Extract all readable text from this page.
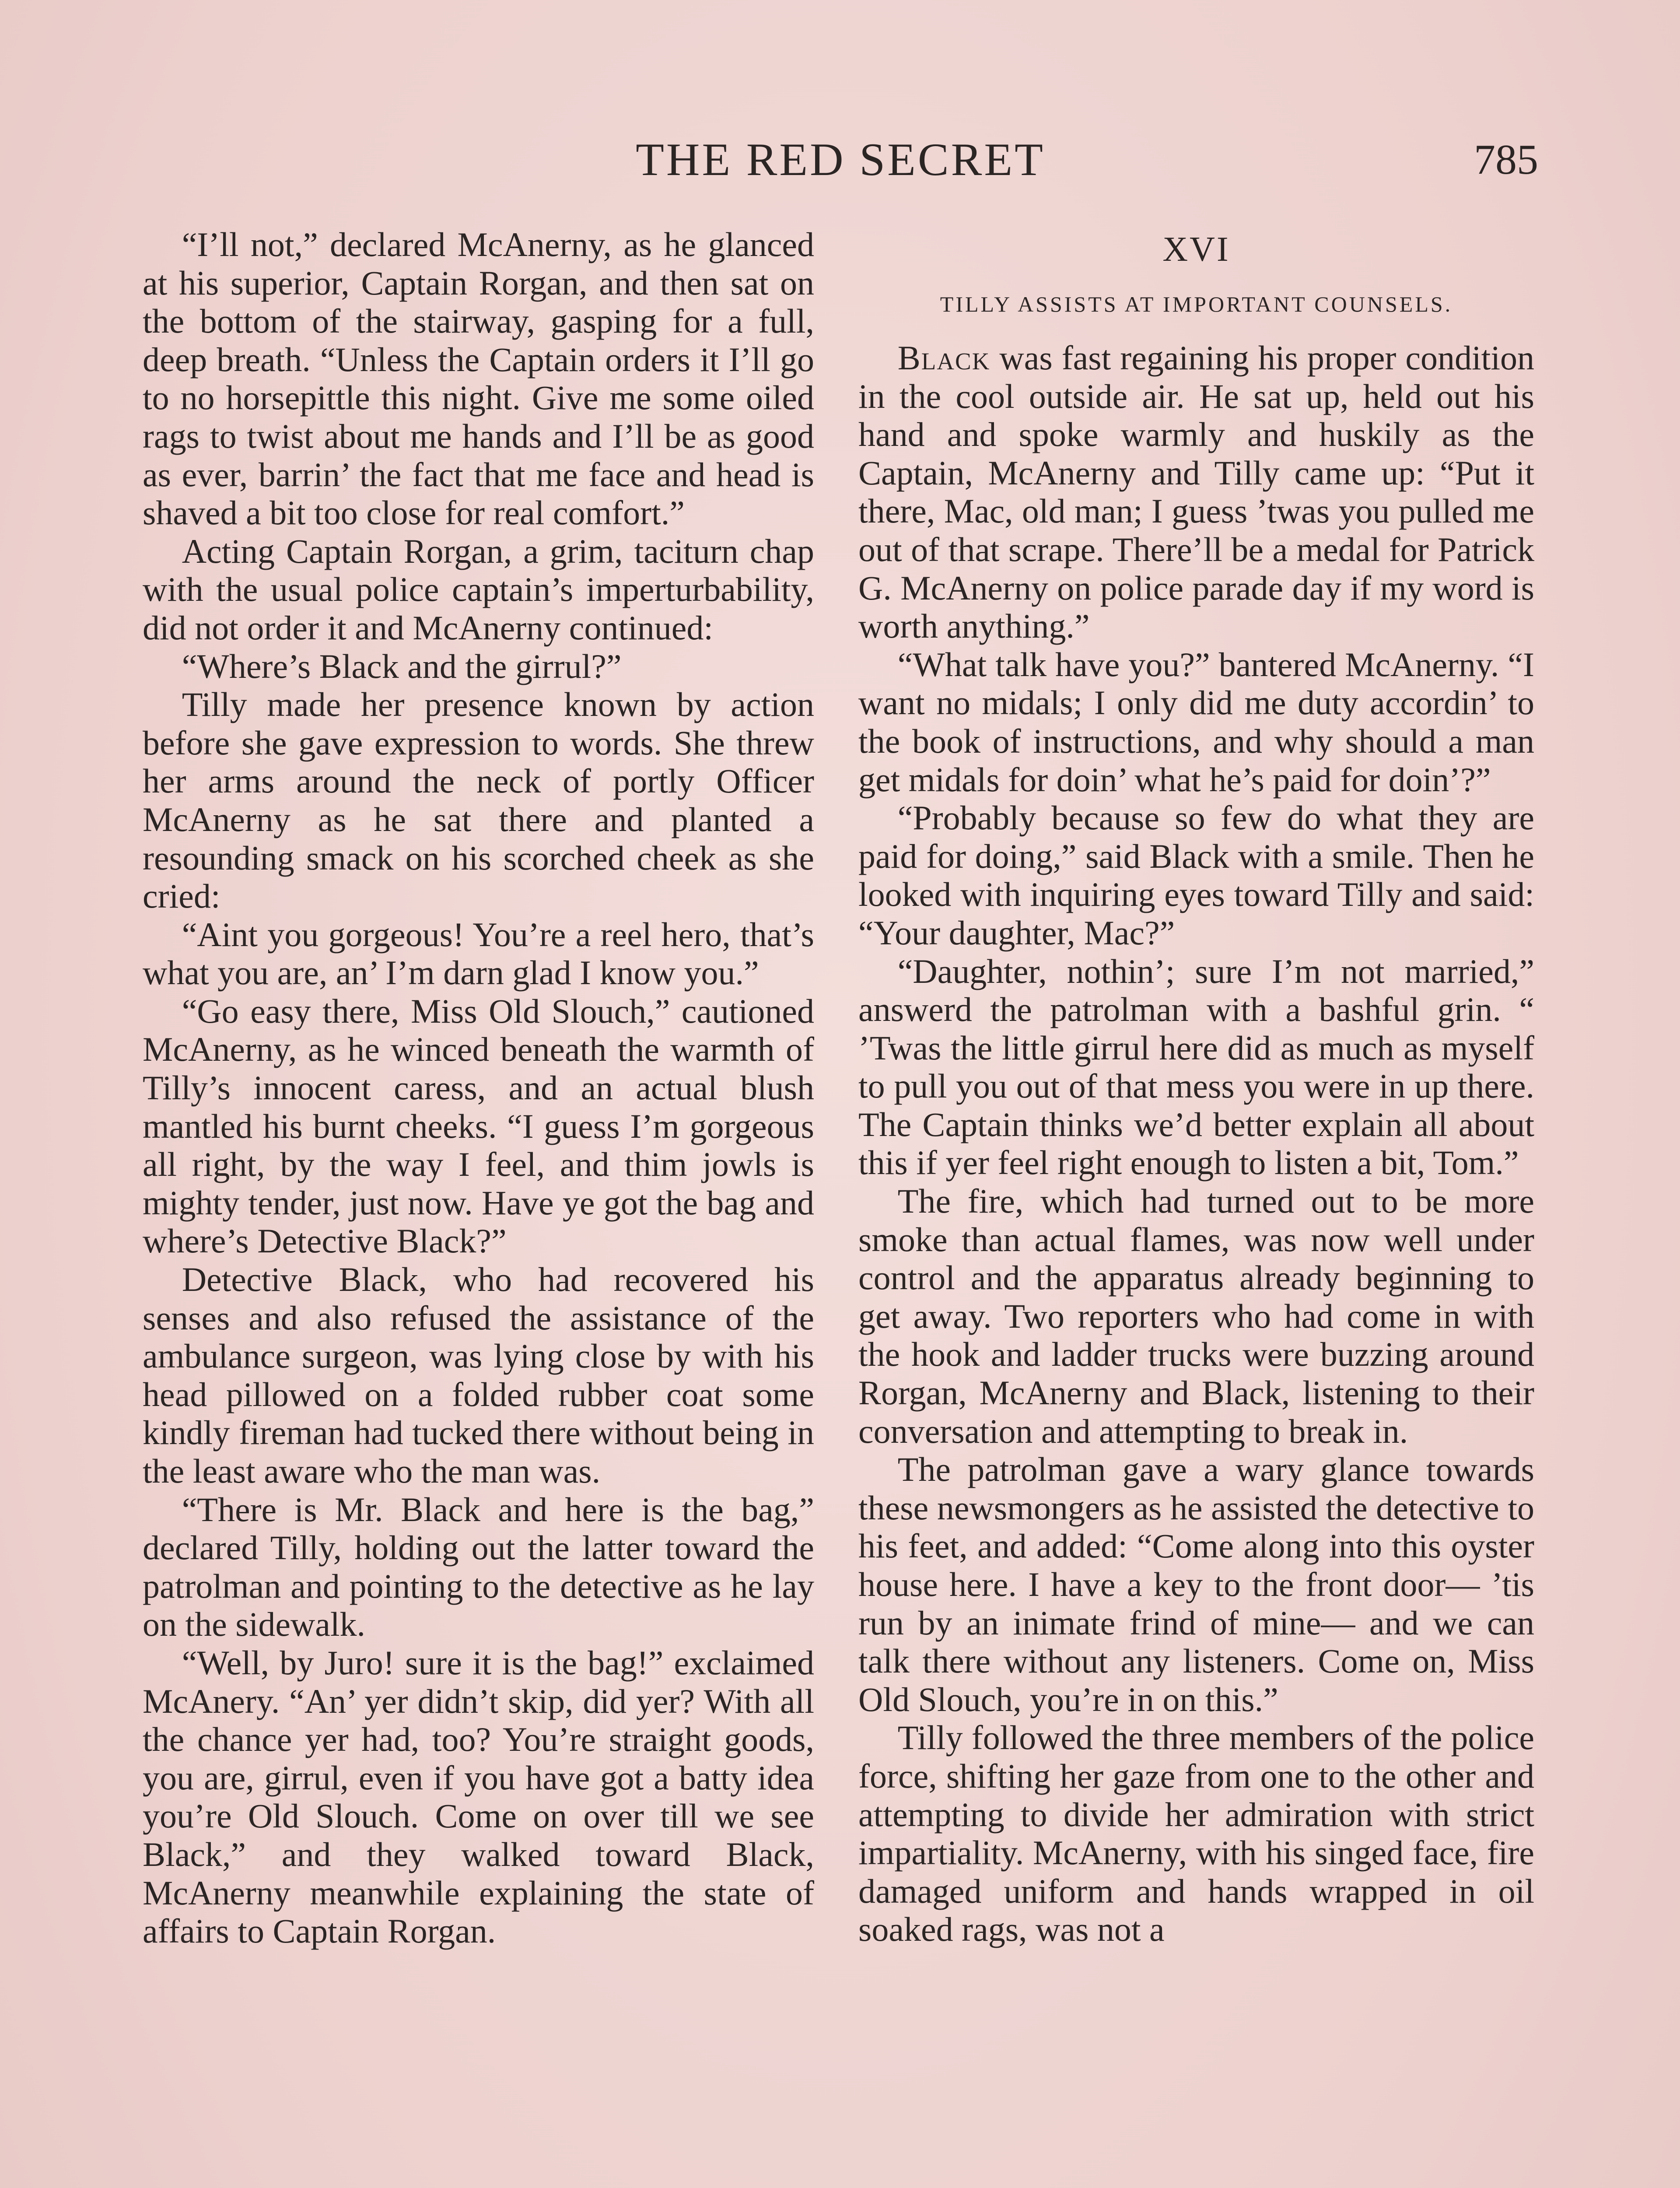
THE RED SECRET	785

“I’ll not,” declared McAnerny, as he glanced at his superior, Captain Rorgan, and then sat on the bottom of the stairway, gasping for a full, deep breath. “Unless the Captain orders it I’ll go to no horsepittle this night. Give me some oiled rags to twist about me hands and I’ll be as good as ever, barrin’ the fact that me face and head is shaved a bit too close for real comfort.”

Acting Captain Rorgan, a grim, taciturn chap with the usual police captain’s imperturbability, did not order it and McAnerny continued:

“Where’s Black and the girrul?”

Tilly made her presence known by action before she gave expression to words. She threw her arms around the neck of portly Officer McAnerny as he sat there and planted a resounding smack on his scorched cheek as she cried:

“Aint you gorgeous! You’re a reel hero, that’s what you are, an’ I’m darn glad I know you.”

“Go easy there, Miss Old Slouch,” cautioned McAnerny, as he winced beneath the warmth of Tilly’s innocent caress, and an actual blush mantled his burnt cheeks. “I guess I’m gorgeous all right, by the way I feel, and thim jowls is mighty tender, just now. Have ye got the bag and where’s Detective Black?”

Detective Black, who had recovered his senses and also refused the assistance of the ambulance surgeon, was lying close by with his head pillowed on a folded rubber coat some kindly fireman had tucked there without being in the least aware who the man was.

“There is Mr. Black and here is the bag,” declared Tilly, holding out the latter toward the patrolman and pointing to the detective as he lay on the sidewalk.

“Well, by Juro! sure it is the bag!” exclaimed McAnery. “An’ yer didn’t skip, did yer? With all the chance yer had, too? You’re straight goods, you are, girrul, even if you have got a batty idea you’re Old Slouch. Come on over till we see Black,” and they walked toward Black, McAnerny meanwhile explaining the state of affairs to Captain Rorgan.

XVI
TILLY ASSISTS AT IMPORTANT COUNSELS.

Black was fast regaining his proper condition in the cool outside air. He sat up, held out his hand and spoke warmly and huskily as the Captain, McAnerny and Tilly came up: “Put it there, Mac, old man; I guess ’twas you pulled me out of that scrape. There’ll be a medal for Patrick G. McAnerny on police parade day if my word is worth anything.”

“What talk have you?” bantered McAnerny. “I want no midals; I only did me duty accordin’ to the book of instructions, and why should a man get midals for doin’ what he’s paid for doin’?”

“Probably because so few do what they are paid for doing,” said Black with a smile. Then he looked with inquiring eyes toward Tilly and said: “Your daughter, Mac?”

“Daughter, nothin’; sure I’m not married,” answerd the patrolman with a bashful grin. “ ’Twas the little girrul here did as much as myself to pull you out of that mess you were in up there. The Captain thinks we’d better explain all about this if yer feel right enough to listen a bit, Tom.”

The fire, which had turned out to be more smoke than actual flames, was now well under control and the apparatus already beginning to get away. Two reporters who had come in with the hook and ladder trucks were buzzing around Rorgan, McAnerny and Black, listening to their conversation and attempting to break in.

The patrolman gave a wary glance towards these newsmongers as he assisted the detective to his feet, and added: “Come along into this oyster house here. I have a key to the front door— ’tis run by an inimate frind of mine— and we can talk there without any listeners. Come on, Miss Old Slouch, you’re in on this.”

Tilly followed the three members of the police force, shifting her gaze from one to the other and attempting to divide her admiration with strict impartiality. McAnerny, with his singed face, fire damaged uniform and hands wrapped in oil soaked rags, was not a
